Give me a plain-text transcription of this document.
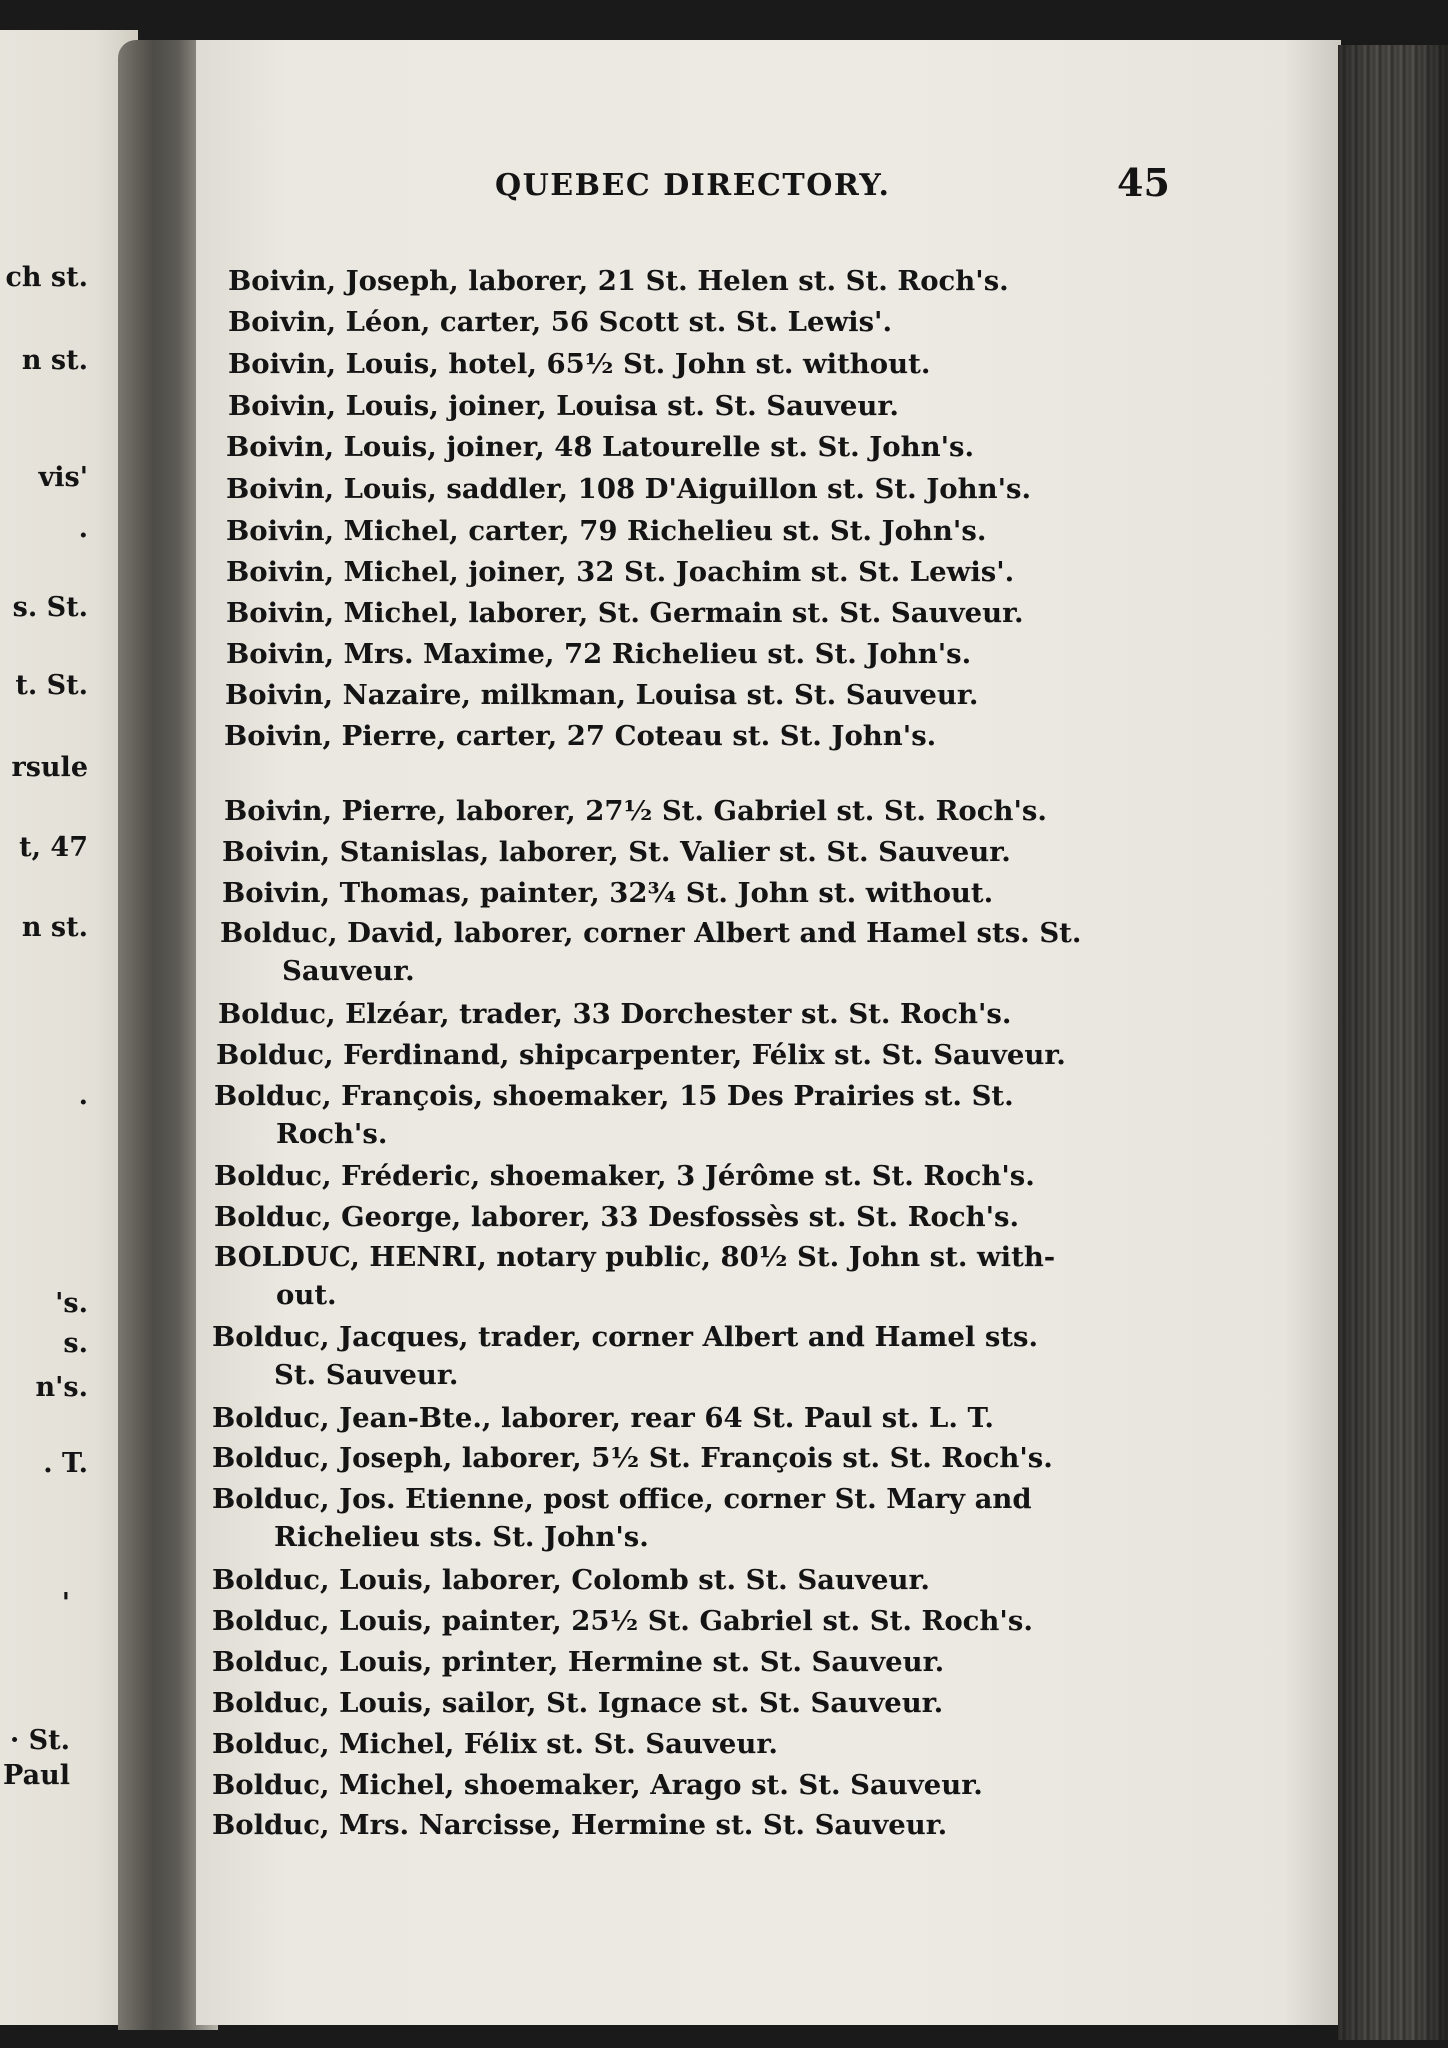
QUEBEC DIRECTORY.	45
ch st.
n st.
vis'
.
s. St.
t. St.
rsule
t, 47
n st.
.
's.
s.
n's.
. T.
'
· St.
Paul
Boivin, Joseph, laborer, 21 St. Helen st. St. Roch's.
Boivin, Léon, carter, 56 Scott st. St. Lewis'.
Boivin, Louis, hotel, 65½ St. John st. without.
Boivin, Louis, joiner, Louisa st. St. Sauveur.
Boivin, Louis, joiner, 48 Latourelle st. St. John's.
Boivin, Louis, saddler, 108 D'Aiguillon st. St. John's.
Boivin, Michel, carter, 79 Richelieu st. St. John's.
Boivin, Michel, joiner, 32 St. Joachim st. St. Lewis'.
Boivin, Michel, laborer, St. Germain st. St. Sauveur.
Boivin, Mrs. Maxime, 72 Richelieu st. St. John's.
Boivin, Nazaire, milkman, Louisa st. St. Sauveur.
Boivin, Pierre, carter, 27 Coteau st. St. John's.
Boivin, Pierre, laborer, 27½ St. Gabriel st. St. Roch's.
Boivin, Stanislas, laborer, St. Valier st. St. Sauveur.
Boivin, Thomas, painter, 32¾ St. John st. without.
Bolduc, David, laborer, corner Albert and Hamel sts. St.
Sauveur.
Bolduc, Elzéar, trader, 33 Dorchester st. St. Roch's.
Bolduc, Ferdinand, shipcarpenter, Félix st. St. Sauveur.
Bolduc, François, shoemaker, 15 Des Prairies st. St.
Roch's.
Bolduc, Fréderic, shoemaker, 3 Jérôme st. St. Roch's.
Bolduc, George, laborer, 33 Desfossès st. St. Roch's.
BOLDUC, HENRI, notary public, 80½ St. John st. with-
out.
Bolduc, Jacques, trader, corner Albert and Hamel sts.
St. Sauveur.
Bolduc, Jean-Bte., laborer, rear 64 St. Paul st. L. T.
Bolduc, Joseph, laborer, 5½ St. François st. St. Roch's.
Bolduc, Jos. Etienne, post office, corner St. Mary and
Richelieu sts. St. John's.
Bolduc, Louis, laborer, Colomb st. St. Sauveur.
Bolduc, Louis, painter, 25½ St. Gabriel st. St. Roch's.
Bolduc, Louis, printer, Hermine st. St. Sauveur.
Bolduc, Louis, sailor, St. Ignace st. St. Sauveur.
Bolduc, Michel, Félix st. St. Sauveur.
Bolduc, Michel, shoemaker, Arago st. St. Sauveur.
Bolduc, Mrs. Narcisse, Hermine st. St. Sauveur.
